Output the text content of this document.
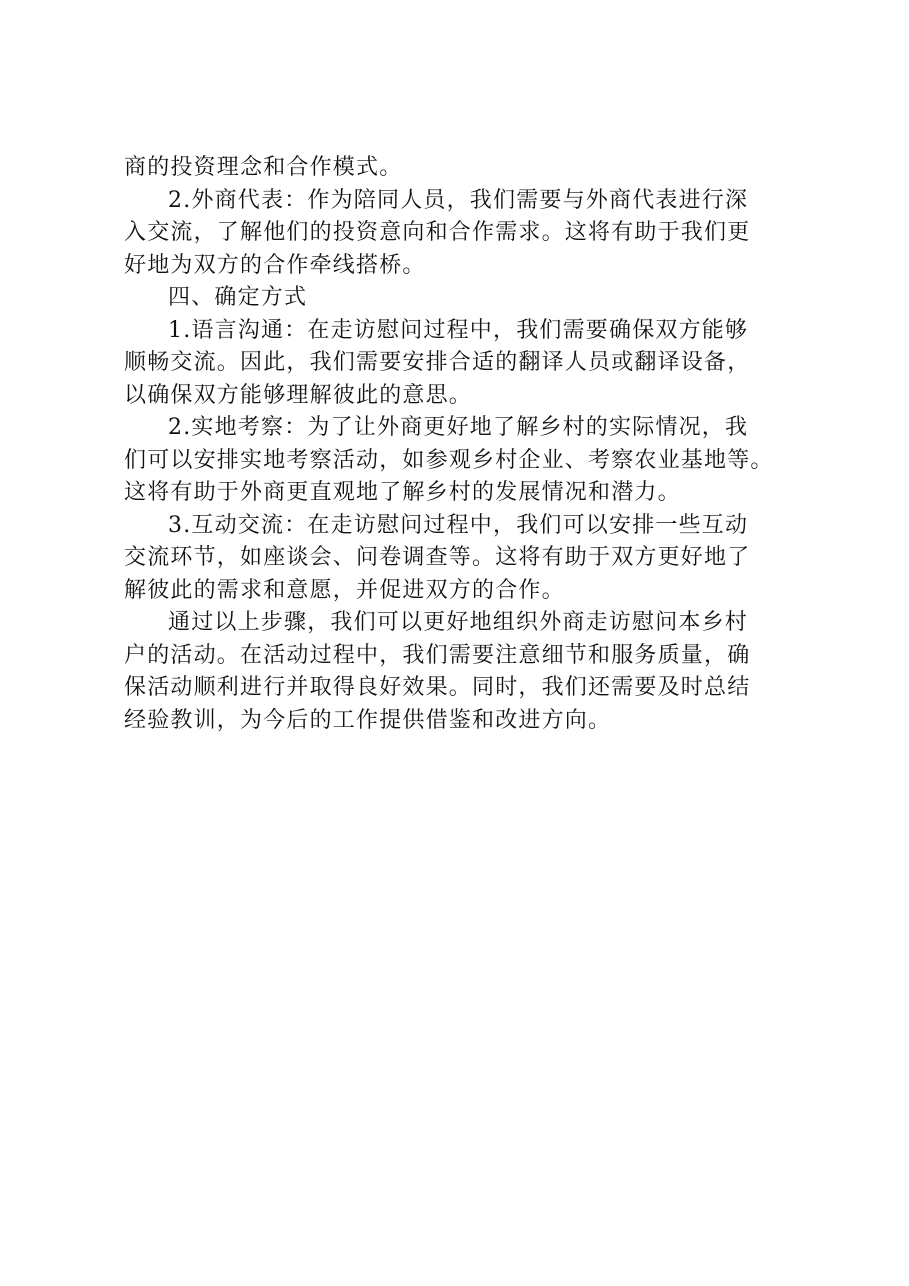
商的投资理念和合作模式。
2.外商代表：作为陪同人员，我们需要与外商代表进行深
入交流，了解他们的投资意向和合作需求。这将有助于我们更
好地为双方的合作牵线搭桥。
四、确定方式
1.语言沟通：在走访慰问过程中，我们需要确保双方能够
顺畅交流。因此，我们需要安排合适的翻译人员或翻译设备，
以确保双方能够理解彼此的意思。
2.实地考察：为了让外商更好地了解乡村的实际情况，我
们可以安排实地考察活动，如参观乡村企业、考察农业基地等。
这将有助于外商更直观地了解乡村的发展情况和潜力。
3.互动交流：在走访慰问过程中，我们可以安排一些互动
交流环节，如座谈会、问卷调查等。这将有助于双方更好地了
解彼此的需求和意愿，并促进双方的合作。
通过以上步骤，我们可以更好地组织外商走访慰问本乡村
户的活动。在活动过程中，我们需要注意细节和服务质量，确
保活动顺利进行并取得良好效果。同时，我们还需要及时总结
经验教训，为今后的工作提供借鉴和改进方向。
